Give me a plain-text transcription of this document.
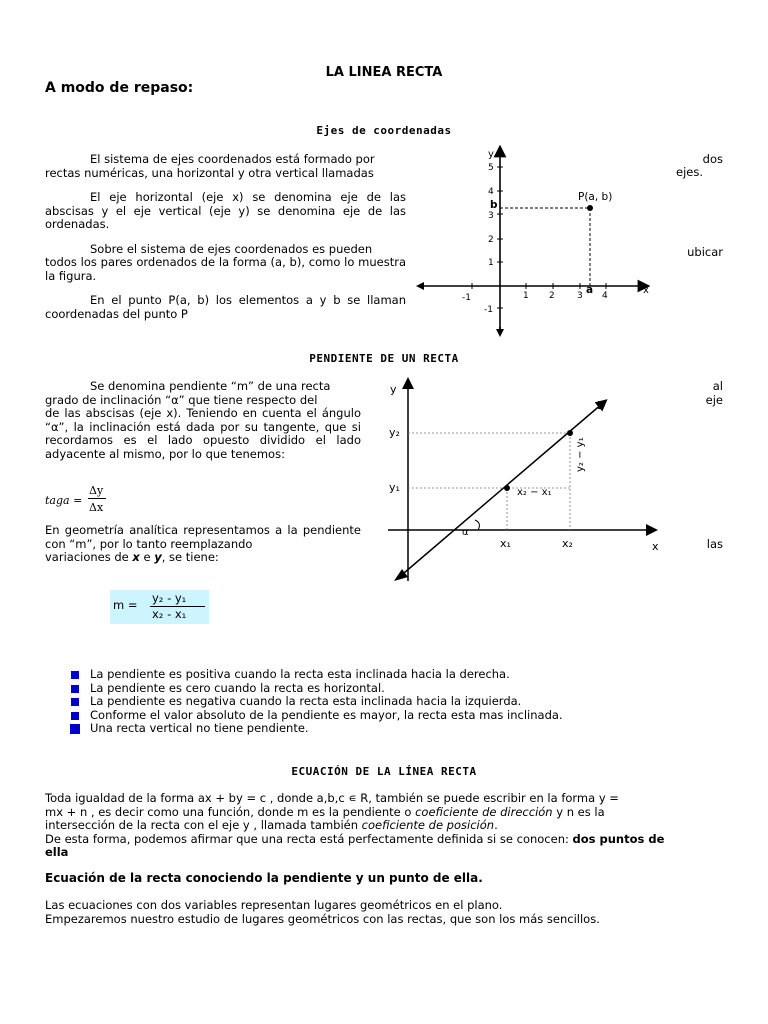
LA LINEA RECTA
A modo de repaso:
Ejes de coordenadas

El sistema de ejes coordenados está formado por
rectas numéricas, una horizontal y otra vertical llamadas

El eje horizontal (eje x) se denomina eje de las abscisas y el eje vertical (eje y) se denomina eje de las ordenadas.

Sobre el sistema de ejes coordenados es pueden
todos los pares ordenados de la forma (a, b), como lo muestra la figura.

En el punto P(a, b) los elementos a y b se llaman coordenadas del punto P

dos
ejes.
ubicar
y
x
P(a, b)
a
b
-1	1 2 3 4
5
4
3
2
1
-1
PENDIENTE DE UN RECTA

Se denomina pendiente “m” de una recta
grado de inclinación “α” que tiene respecto del
de las abscisas (eje x). Teniendo en cuenta el ángulo “α”, la inclinación está dada por su tangente, que si recordamos es el lado opuesto dividido el lado adyacente al mismo, por lo que tenemos:

al
eje
taga =
Δy
Δx
En geometría analítica representamos a la pendiente con “m”, por lo tanto reemplazando
variaciones de x e y, se tiene:
las
m = y₂ - y₁
x₂ - x₁
y
x
L
y₂
y₁
x₁	x₂
x₂ − x₁
y₂ − y₁
α
La pendiente es positiva cuando la recta esta inclinada hacia la derecha.
La pendiente es cero cuando la recta es horizontal.
La pendiente es negativa cuando la recta esta inclinada hacia la izquierda.
Conforme el valor absoluto de la pendiente es mayor, la recta esta mas inclinada.
Una recta vertical no tiene pendiente.
ECUACIÓN DE LA LÍNEA RECTA
Toda igualdad de la forma ax + by = c , donde a,b,c ∊ R, también se puede escribir en la forma y =
mx + n , es decir como una función, donde m es la pendiente o coeficiente de dirección y n es la
intersección de la recta con el eje y , llamada también coeficiente de posición.
De esta forma, podemos afirmar que una recta está perfectamente definida si se conocen: dos puntos de
ella
Ecuación de la recta conociendo la pendiente y un punto de ella.
Las ecuaciones con dos variables representan lugares geométricos en el plano.
Empezaremos nuestro estudio de lugares geométricos con las rectas, que son los más sencillos.
